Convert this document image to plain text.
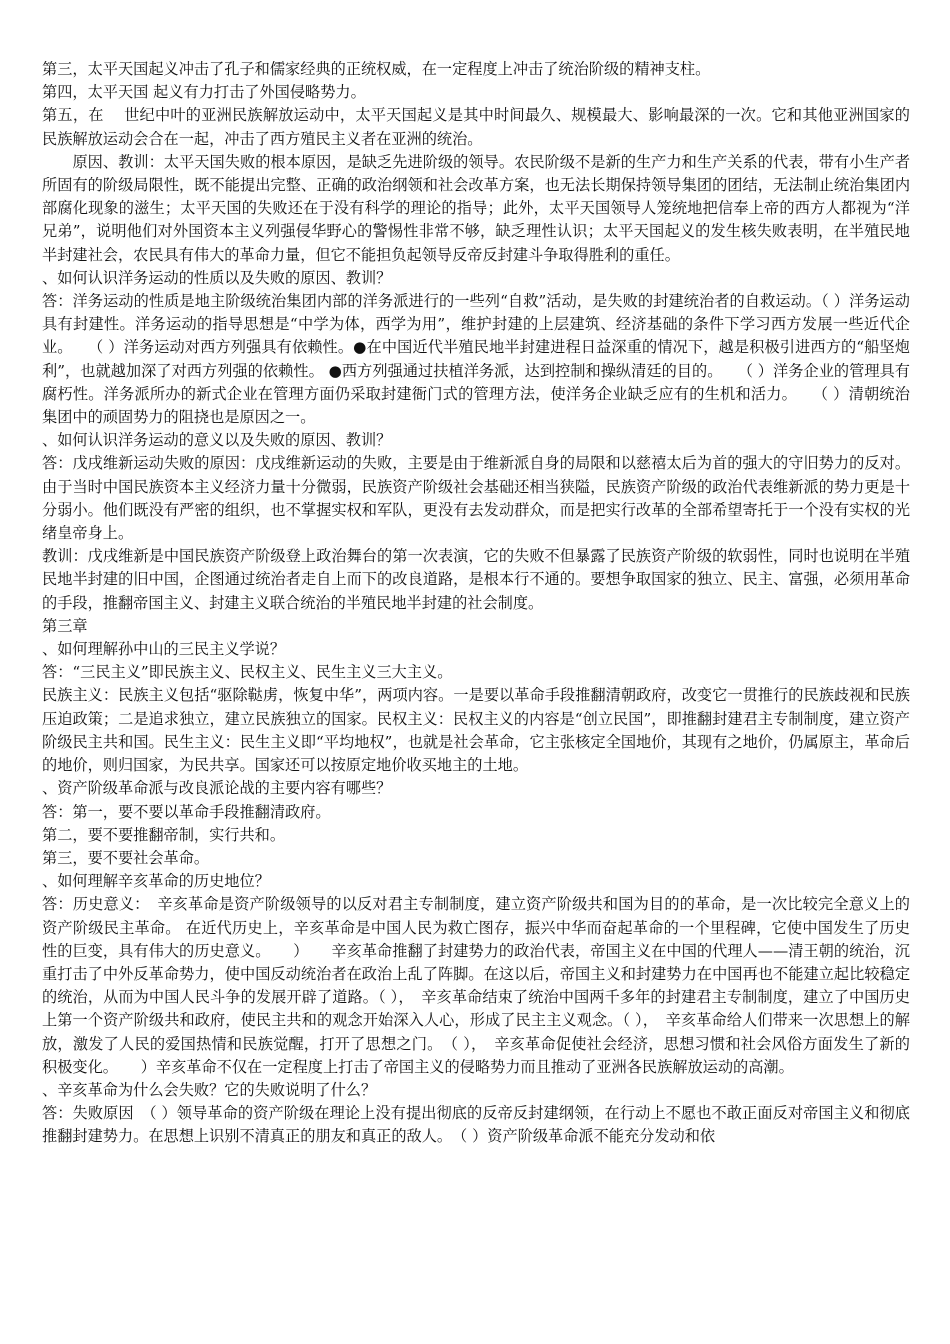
第三，太平天国起义冲击了孔子和儒家经典的正统权威，在一定程度上冲击了统治阶级的精神支柱。

第四，太平天国 起义有力打击了外国侵略势力。

第五，在　 世纪中叶的亚洲民族解放运动中，太平天国起义是其中时间最久、规模最大、影响最深的一次。它和其他亚洲国家的民族解放运动会合在一起，冲击了西方殖民主义者在亚洲的统治。

　　原因、教训：太平天国失败的根本原因，是缺乏先进阶级的领导。农民阶级不是新的生产力和生产关系的代表，带有小生产者所固有的阶级局限性，既不能提出完整、正确的政治纲领和社会改革方案，也无法长期保持领导集团的团结，无法制止统治集团内部腐化现象的滋生；太平天国的失败还在于没有科学的理论的指导；此外，太平天国领导人笼统地把信奉上帝的西方人都视为“洋兄弟”，说明他们对外国资本主义列强侵华野心的警惕性非常不够，缺乏理性认识；太平天国起义的发生核失败表明，在半殖民地半封建社会，农民具有伟大的革命力量，但它不能担负起领导反帝反封建斗争取得胜利的重任。

、如何认识洋务运动的性质以及失败的原因、教训？

答：洋务运动的性质是地主阶级统治集团内部的洋务派进行的一些列“自救”活动，是失败的封建统治者的自救运动。（ ）洋务运动具有封建性。洋务运动的指导思想是“中学为体，西学为用”，维护封建的上层建筑、经济基础的条件下学习西方发展一些近代企业。　　（ ）洋务运动对西方列强具有依赖性。●在中国近代半殖民地半封建进程日益深重的情况下，越是积极引进西方的“船坚炮利”，也就越加深了对西方列强的依赖性。 ●西方列强通过扶植洋务派，达到控制和操纵清廷的目的。　　（ ）洋务企业的管理具有腐朽性。洋务派所办的新式企业在管理方面仍采取封建衙门式的管理方法，使洋务企业缺乏应有的生机和活力。　　（ ）清朝统治集团中的顽固势力的阻挠也是原因之一。

、如何认识洋务运动的意义以及失败的原因、教训？

答：戊戌维新运动失败的原因：戊戌维新运动的失败，主要是由于维新派自身的局限和以慈禧太后为首的强大的守旧势力的反对。由于当时中国民族资本主义经济力量十分微弱，民族资产阶级社会基础还相当狭隘，民族资产阶级的政治代表维新派的势力更是十分弱小。他们既没有严密的组织，也不掌握实权和军队，更没有去发动群众，而是把实行改革的全部希望寄托于一个没有实权的光绪皇帝身上。

教训：戊戌维新是中国民族资产阶级登上政治舞台的第一次表演，它的失败不但暴露了民族资产阶级的软弱性，同时也说明在半殖民地半封建的旧中国，企图通过统治者走自上而下的改良道路，是根本行不通的。要想争取国家的独立、民主、富强，必须用革命的手段，推翻帝国主义、封建主义联合统治的半殖民地半封建的社会制度。

第三章

、如何理解孙中山的三民主义学说？

答：“三民主义”即民族主义、民权主义、民生主义三大主义。

民族主义：民族主义包括“驱除鞑虏，恢复中华”，两项内容。一是要以革命手段推翻清朝政府，改变它一贯推行的民族歧视和民族压迫政策；二是追求独立，建立民族独立的国家。民权主义：民权主义的内容是“创立民国”，即推翻封建君主专制制度，建立资产阶级民主共和国。民生主义：民生主义即“平均地权”，也就是社会革命，它主张核定全国地价，其现有之地价，仍属原主，革命后的地价，则归国家，为民共享。国家还可以按原定地价收买地主的土地。

、资产阶级革命派与改良派论战的主要内容有哪些？

答：第一，要不要以革命手段推翻清政府。

第二，要不要推翻帝制，实行共和。

第三，要不要社会革命。

、如何理解辛亥革命的历史地位？

答：历史意义：　辛亥革命是资产阶级领导的以反对君主专制制度，建立资产阶级共和国为目的的革命，是一次比较完全意义上的资产阶级民主革命。 在近代历史上，辛亥革命是中国人民为救亡图存，振兴中华而奋起革命的一个里程碑，它使中国发生了历史性的巨变，具有伟大的历史意义。　　）　　辛亥革命推翻了封建势力的政治代表，帝国主义在中国的代理人——清王朝的统治，沉重打击了中外反革命势力，使中国反动统治者在政治上乱了阵脚。在这以后，帝国主义和封建势力在中国再也不能建立起比较稳定的统治，从而为中国人民斗争的发展开辟了道路。（ ），　辛亥革命结束了统治中国两千多年的封建君主专制制度，建立了中国历史上第一个资产阶级共和政府，使民主共和的观念开始深入人心，形成了民主主义观念。（ ），　辛亥革命给人们带来一次思想上的解放，激发了人民的爱国热情和民族觉醒，打开了思想之门。　（ ），　辛亥革命促使社会经济，思想习惯和社会风俗方面发生了新的积极变化。　　）辛亥革命不仅在一定程度上打击了帝国主义的侵略势力而且推动了亚洲各民族解放运动的高潮。

、辛亥革命为什么会失败？它的失败说明了什么？

答：失败原因　（ ）领导革命的资产阶级在理论上没有提出彻底的反帝反封建纲领，在行动上不愿也不敢正面反对帝国主义和彻底推翻封建势力。在思想上识别不清真正的朋友和真正的敌人。　（ ）资产阶级革命派不能充分发动和依
